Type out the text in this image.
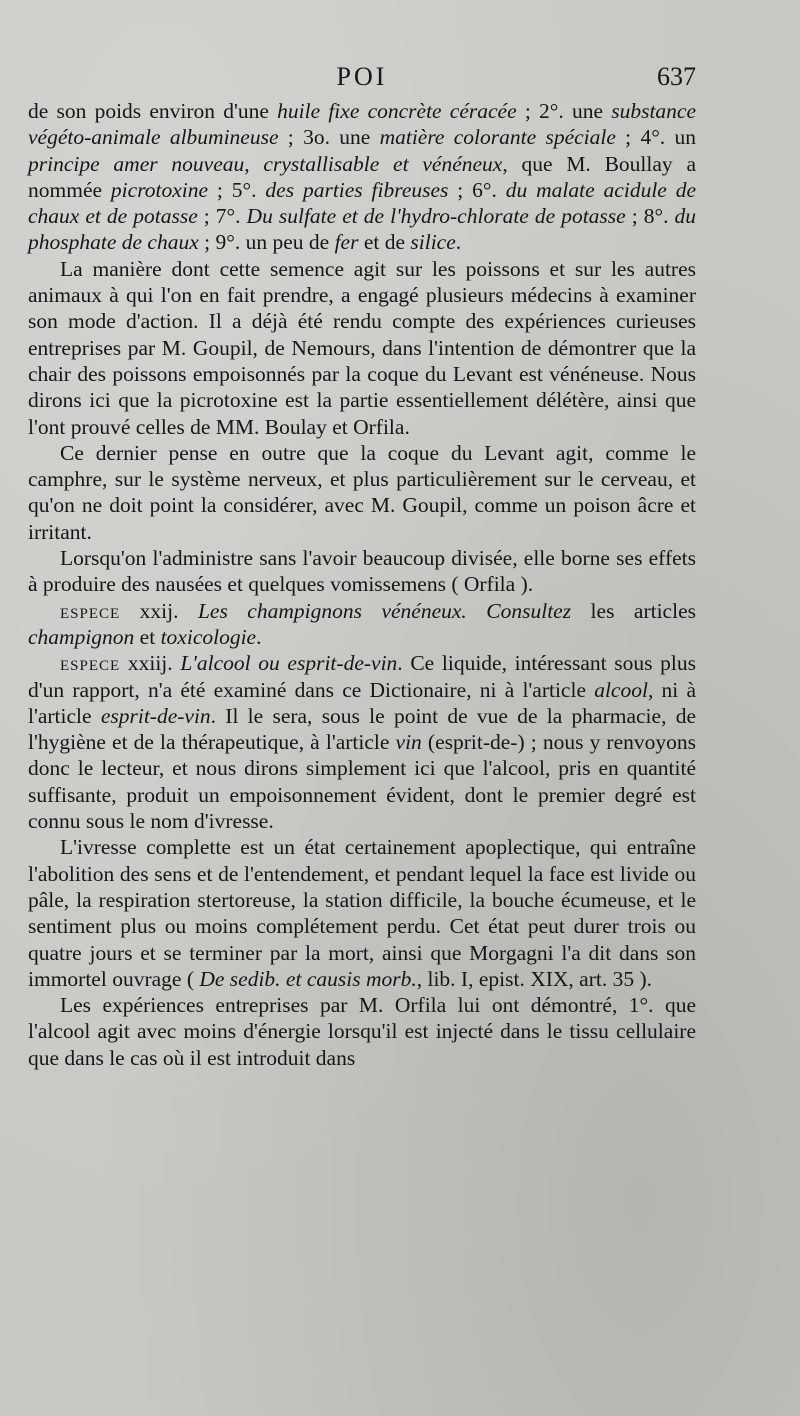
POI	637

de son poids environ d'une huile fixe concrète céracée ; 2°. une substance végéto-animale albumineuse ; 3o. une matière colorante spéciale ; 4°. un principe amer nouveau, crystallisable et vénéneux, que M. Boullay a nommée picrotoxine ; 5°. des parties fibreuses ; 6°. du malate acidule de chaux et de potasse ; 7°. Du sulfate et de l'hydro-chlorate de potasse ; 8°. du phosphate de chaux ; 9°. un peu de fer et de silice.

La manière dont cette semence agit sur les poissons et sur les autres animaux à qui l'on en fait prendre, a engagé plusieurs médecins à examiner son mode d'action. Il a déjà été rendu compte des expériences curieuses entreprises par M. Goupil, de Nemours, dans l'intention de démontrer que la chair des poissons empoisonnés par la coque du Levant est vénéneuse. Nous dirons ici que la picrotoxine est la partie essentiellement délétère, ainsi que l'ont prouvé celles de MM. Boulay et Orfila.

Ce dernier pense en outre que la coque du Levant agit, comme le camphre, sur le système nerveux, et plus particulièrement sur le cerveau, et qu'on ne doit point la considérer, avec M. Goupil, comme un poison âcre et irritant.

Lorsqu'on l'administre sans l'avoir beaucoup divisée, elle borne ses effets à produire des nausées et quelques vomissemens ( Orfila ).

espece xxij. Les champignons vénéneux. Consultez les articles champignon et toxicologie.

espece xxiij. L'alcool ou esprit-de-vin. Ce liquide, intéressant sous plus d'un rapport, n'a été examiné dans ce Dictionaire, ni à l'article alcool, ni à l'article esprit-de-vin. Il le sera, sous le point de vue de la pharmacie, de l'hygiène et de la thérapeutique, à l'article vin (esprit-de-) ; nous y renvoyons donc le lecteur, et nous dirons simplement ici que l'alcool, pris en quantité suffisante, produit un empoisonnement évident, dont le premier degré est connu sous le nom d'ivresse.

L'ivresse complette est un état certainement apoplectique, qui entraîne l'abolition des sens et de l'entendement, et pendant lequel la face est livide ou pâle, la respiration stertoreuse, la station difficile, la bouche écumeuse, et le sentiment plus ou moins complétement perdu. Cet état peut durer trois ou quatre jours et se terminer par la mort, ainsi que Morgagni l'a dit dans son immortel ouvrage ( De sedib. et causis morb., lib. I, epist. XIX, art. 35 ).

Les expériences entreprises par M. Orfila lui ont démontré, 1°. que l'alcool agit avec moins d'énergie lorsqu'il est injecté dans le tissu cellulaire que dans le cas où il est introduit dans
